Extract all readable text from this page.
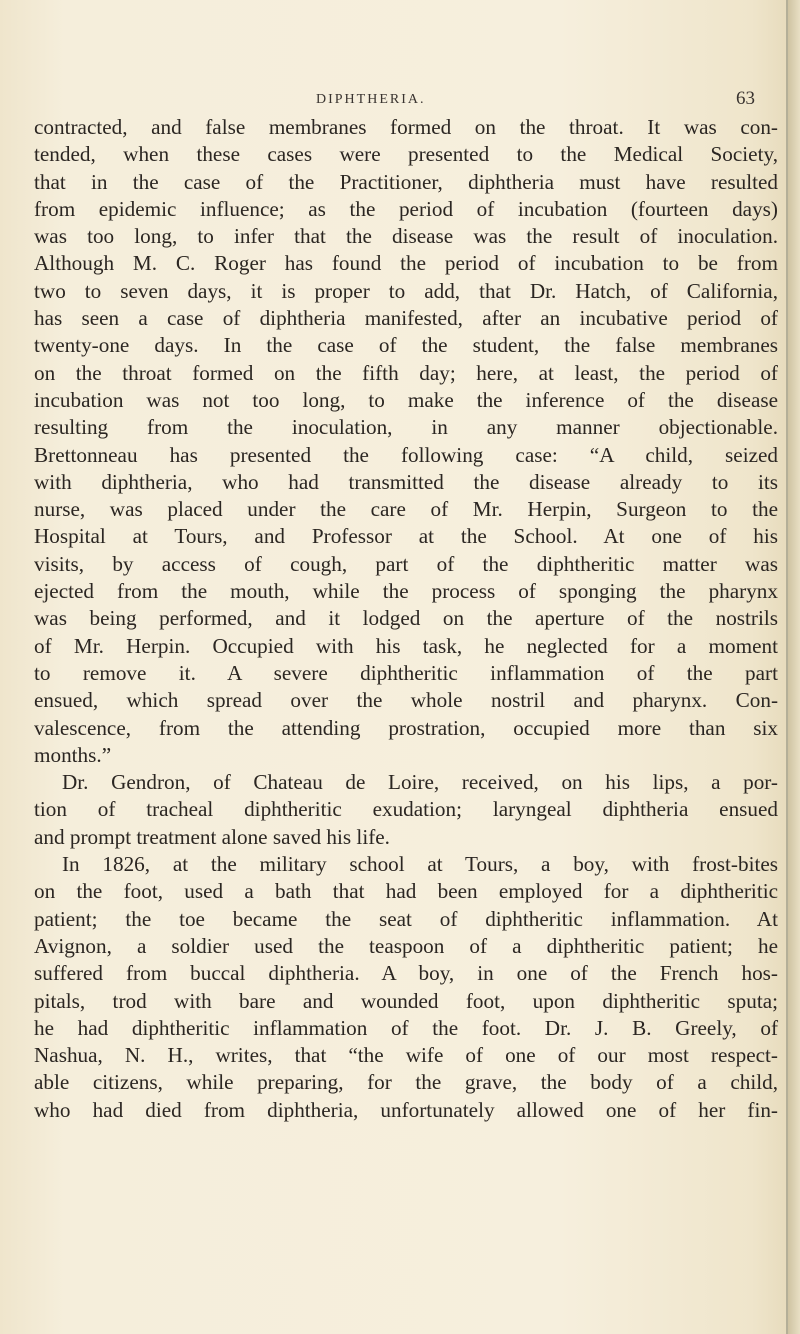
DIPHTHERIA.	63
contracted, and false membranes formed on the throat. It was con-
tended, when these cases were presented to the Medical Society,
that in the case of the Practitioner, diphtheria must have resulted
from epidemic influence; as the period of incubation (fourteen days)
was too long, to infer that the disease was the result of inoculation.
Although M. C. Roger has found the period of incubation to be from
two to seven days, it is proper to add, that Dr. Hatch, of California,
has seen a case of diphtheria manifested, after an incubative period of
twenty-one days. In the case of the student, the false membranes
on the throat formed on the fifth day; here, at least, the period of
incubation was not too long, to make the inference of the disease
resulting from the inoculation, in any manner objectionable.
Brettonneau has presented the following case: “A child, seized
with diphtheria, who had transmitted the disease already to its
nurse, was placed under the care of Mr. Herpin, Surgeon to the
Hospital at Tours, and Professor at the School. At one of his
visits, by access of cough, part of the diphtheritic matter was
ejected from the mouth, while the process of sponging the pharynx
was being performed, and it lodged on the aperture of the nostrils
of Mr. Herpin. Occupied with his task, he neglected for a moment
to remove it. A severe diphtheritic inflammation of the part
ensued, which spread over the whole nostril and pharynx. Con-
valescence, from the attending prostration, occupied more than six
months.”
Dr. Gendron, of Chateau de Loire, received, on his lips, a por-
tion of tracheal diphtheritic exudation; laryngeal diphtheria ensued
and prompt treatment alone saved his life.
In 1826, at the military school at Tours, a boy, with frost-bites
on the foot, used a bath that had been employed for a diphtheritic
patient; the toe became the seat of diphtheritic inflammation. At
Avignon, a soldier used the teaspoon of a diphtheritic patient; he
suffered from buccal diphtheria. A boy, in one of the French hos-
pitals, trod with bare and wounded foot, upon diphtheritic sputa;
he had diphtheritic inflammation of the foot. Dr. J. B. Greely, of
Nashua, N. H., writes, that “the wife of one of our most respect-
able citizens, while preparing, for the grave, the body of a child,
who had died from diphtheria, unfortunately allowed one of her fin-
